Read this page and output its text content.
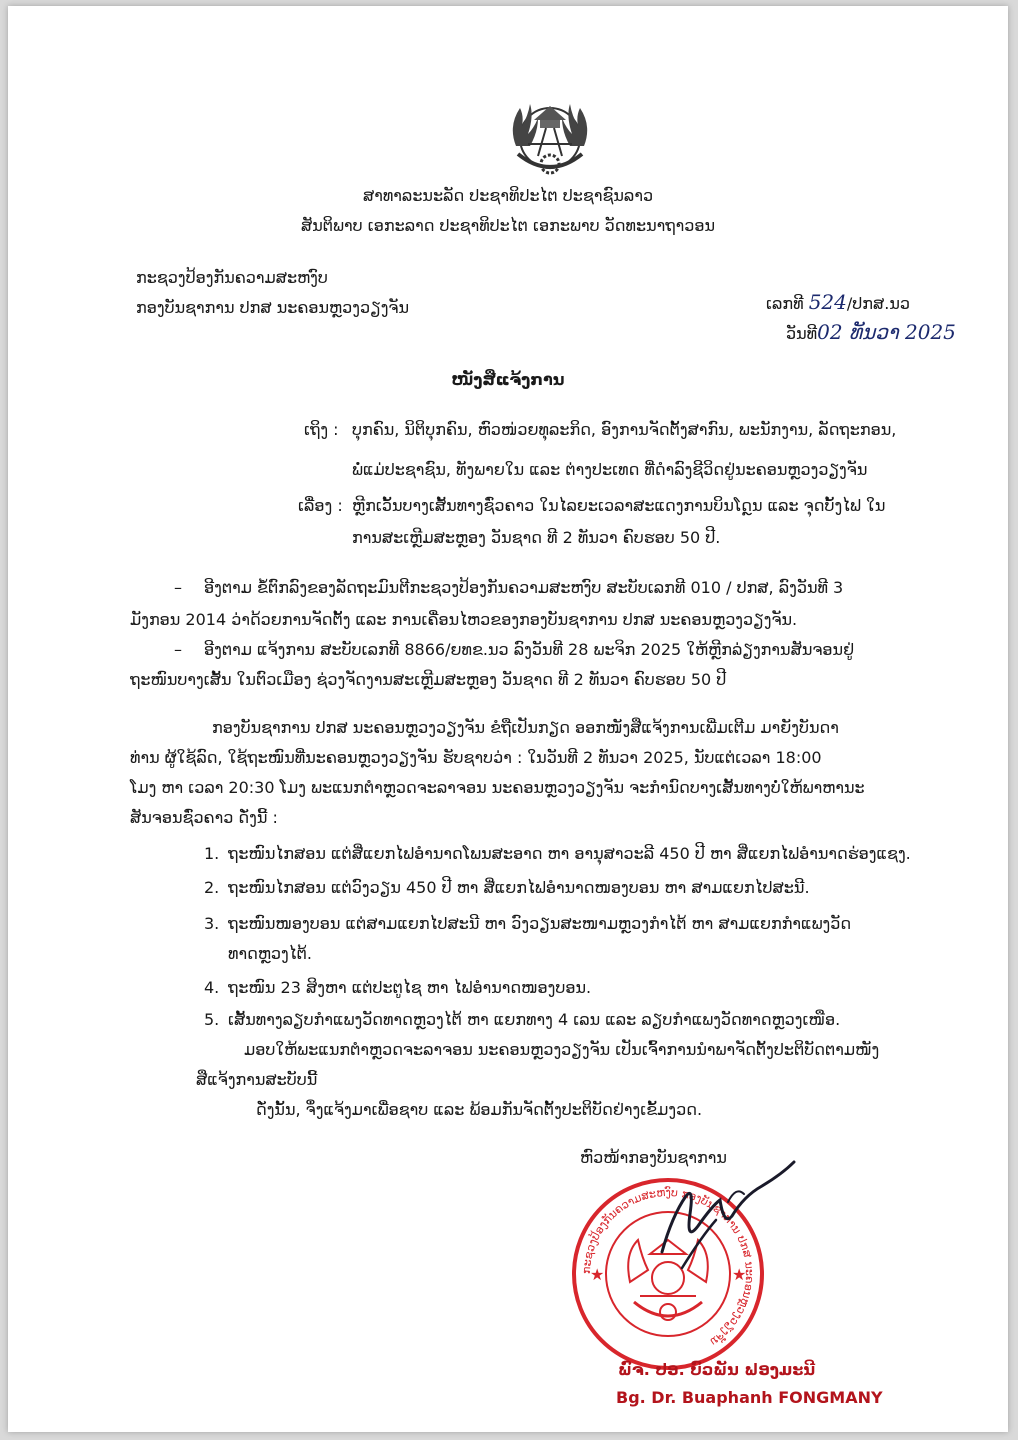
ສາທາລະນະລັດ ປະຊາທິປະໄຕ ປະຊາຊົນລາວ
ສັນຕິພາບ ເອກະລາດ ປະຊາທິປະໄຕ ເອກະພາບ ວັດທະນາຖາວອນ
ກະຊວງປ້ອງກັນຄວາມສະຫງົບ
ກອງບັນຊາການ ປກສ ນະຄອນຫຼວງວຽງຈັນ	ເລກທີ 524/ປກສ.ນວ
ວັນທີ02 ທັນວາ 2025
ໜັງສືແຈ້ງການ
ເຖິງ : ບຸກຄົນ, ນິຕິບຸກຄົນ, ຫົວໜ່ວຍທຸລະກິດ, ອົງການຈັດຕັ້ງສາກົນ, ພະນັກງານ, ລັດຖະກອນ,
ພໍ່ແມ່ປະຊາຊົນ, ທັງພາຍໃນ ແລະ ຕ່າງປະເທດ ທີ່ດຳລົງຊີວິດຢູ່ນະຄອນຫຼວງວຽງຈັນ
ເລື່ອງ : ຫຼີກເວັ້ນບາງເສັ້ນທາງຊົ່ວຄາວ ໃນໄລຍະເວລາສະແດງການບິນໂດຼນ ແລະ ຈຸດບັ້ງໄຟ ໃນ
ການສະເຫຼີມສະຫຼອງ ວັນຊາດ ທີ 2 ທັນວາ ຄົບຮອບ 50 ປີ.
– ອີງຕາມ ຂໍ້ຕົກລົງຂອງລັດຖະມົນຕີກະຊວງປ້ອງກັນຄວາມສະຫງົບ ສະບັບເລກທີ 010 / ປກສ, ລົງວັນທີ 3
ມັງກອນ 2014 ວ່າດ້ວຍການຈັດຕັ້ງ ແລະ ການເຄື່ອນໄຫວຂອງກອງບັນຊາການ ປກສ ນະຄອນຫຼວງວຽງຈັນ.
– ອີງຕາມ ແຈ້ງການ ສະບັບເລກທີ 8866/ຍທຂ.ນວ ລົງວັນທີ 28 ພະຈິກ 2025 ໃຫ້ຫຼີກລ່ຽງການສັນຈອນຢູ່
ຖະໜົນບາງເສັ້ນ ໃນຕົວເມືອງ ຊ່ວງຈັດງານສະເຫຼີມສະຫຼອງ ວັນຊາດ ທີ 2 ທັນວາ ຄົບຮອບ 50 ປີ
ກອງບັນຊາການ ປກສ ນະຄອນຫຼວງວຽງຈັນ ຂໍຖືເປັນກຽດ ອອກໜັງສືແຈ້ງການເພີ່ມເຕີມ ມາຍັງບັນດາ
ທ່ານ ຜູ້ໃຊ້ລົດ, ໃຊ້ຖະໜົນທີ່ນະຄອນຫຼວງວຽງຈັນ ຮັບຊາບວ່າ : ໃນວັນທີ 2 ທັນວາ 2025, ນັບແຕ່ເວລາ 18:00
ໂມງ ຫາ ເວລາ 20:30 ໂມງ ພະແນກຕຳຫຼວດຈະລາຈອນ ນະຄອນຫຼວງວຽງຈັນ ຈະກຳນົດບາງເສັ້ນທາງບໍ່ໃຫ້ພາຫານະ
ສັນຈອນຊົ່ວຄາວ ດັ່ງນີ້ :
1. ຖະໜົນໄກສອນ ແຕ່ສີ່ແຍກໄຟອຳນາດໂພນສະອາດ ຫາ ອານຸສາວະລີ 450 ປີ ຫາ ສີ່ແຍກໄຟອຳນາດຮ່ອງແຊງ.
2. ຖະໜົນໄກສອນ ແຕ່ວົງວຽນ 450 ປີ ຫາ ສີ່ແຍກໄຟອຳນາດໜອງບອນ ຫາ ສາມແຍກໄປສະນີ.
3. ຖະໜົນໜອງບອນ ແຕ່ສາມແຍກໄປສະນີ ຫາ ວົງວຽນສະໜາມຫຼວງກໍາໄຕ້ ຫາ ສາມແຍກກຳແພງວັດ
ທາດຫຼວງໄຕ້.
4. ຖະໜົນ 23 ສິງຫາ ແຕ່ປະຕູໄຊ ຫາ ໄຟອຳນາດໜອງບອນ.
5. ເສັ້ນທາງລຽບກຳແພງວັດທາດຫຼວງໄຕ້ ຫາ ແຍກທາງ 4 ເລນ ແລະ ລຽບກຳແພງວັດທາດຫຼວງເໜືອ.
ມອບໃຫ້ພະແນກຕຳຫຼວດຈະລາຈອນ ນະຄອນຫຼວງວຽງຈັນ ເປັນເຈົ້າການນຳພາຈັດຕັ້ງປະຕິບັດຕາມໜັງ
ສືແຈ້ງການສະບັບນີ້
ດັ່ງນັ້ນ, ຈຶ່ງແຈ້ງມາເພື່ອຊາບ ແລະ ພ້ອມກັນຈັດຕັ້ງປະຕິບັດຢ່າງເຂັ້ມງວດ.
ຫົວໜ້າກອງບັນຊາການ
ກະຊວງປ້ອງກັນຄວາມສະຫງົບ ກອງບັນຊາການ ປກສ ນະຄອນຫຼວງວຽງຈັນ
★	★
ພົຈ. ປອ. ບົວພັນ ຟອງມະນີ
Bg. Dr. Buaphanh FONGMANY
